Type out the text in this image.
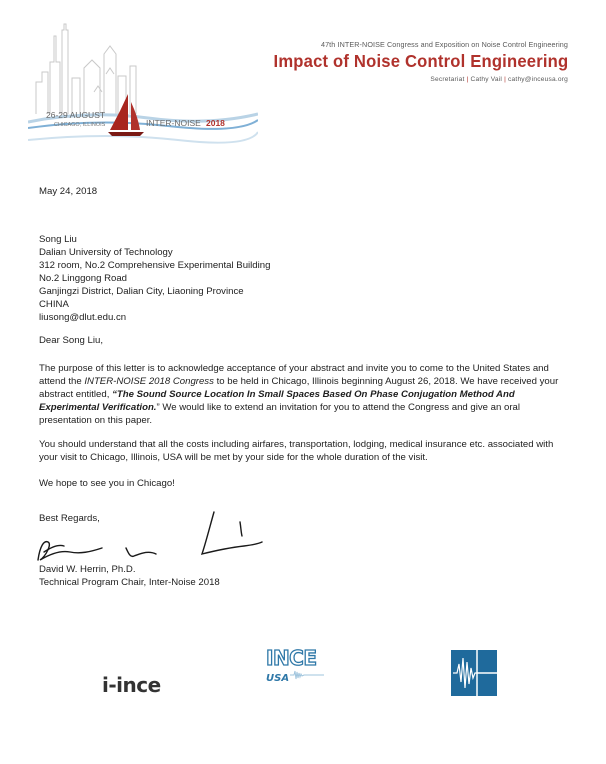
26-29 AUGUST
CHICAGO, ILLINOIS	INTER-NOISE 2018
47th INTER-NOISE Congress and Exposition on Noise Control Engineering
Impact of Noise Control Engineering
Secretariat | Cathy Vail | cathy@inceusa.org
May 24, 2018
Song Liu
Dalian University of Technology
312 room, No.2 Comprehensive Experimental Building
No.2 Linggong Road
Ganjingzi District, Dalian City, Liaoning Province
CHINA
liusong@dlut.edu.cn
Dear Song Liu,

The purpose of this letter is to acknowledge acceptance of your abstract and invite you to come to the United States and attend the INTER-NOISE 2018 Congress to be held in Chicago, Illinois beginning August 26, 2018. We have received your abstract entitled, “The Sound Source Location In Small Spaces Based On Phase Conjugation Method And Experimental Verification.” We would like to extend an invitation for you to attend the Congress and give an oral presentation on this paper.

You should understand that all the costs including airfares, transportation, lodging, medical insurance etc. associated with your visit to Chicago, Illinois, USA will be met by your side for the whole duration of the visit.

We hope to see you in Chicago!

Best Regards,
David W. Herrin, Ph.D.
Technical Program Chair, Inter-Noise 2018
i-ince
INCE
USA
